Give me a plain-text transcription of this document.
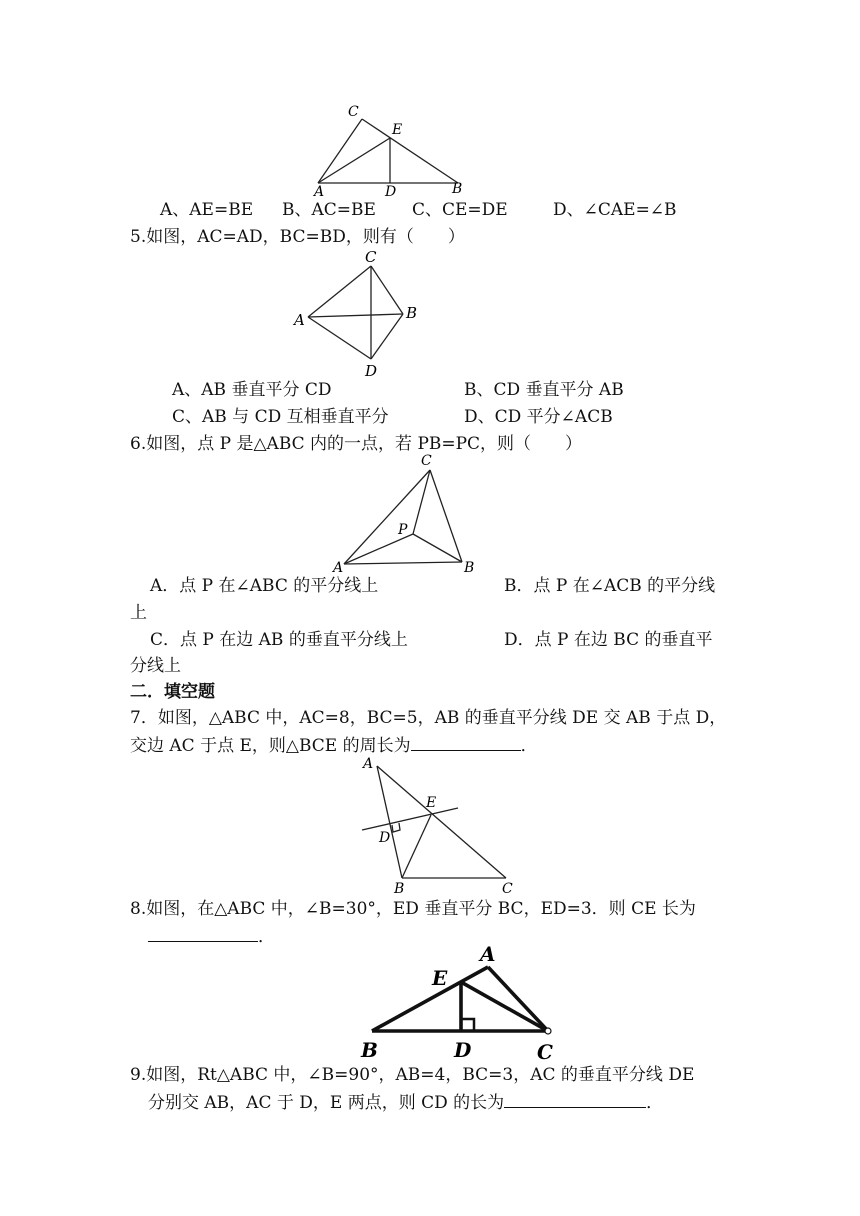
C
E
A	D	B
A、AE=BE B、AC=BE C、CE=DE	D、∠CAE=∠B
5.如图，AC=AD，BC=BD，则有（　　）
C
A	B
D
A、AB 垂直平分 CD	B、CD 垂直平分 AB
C、AB 与 CD 互相垂直平分	D、CD 平分∠ACB
6.如图，点 P 是△ABC 内的一点，若 PB=PC，则（　　）
C
P
A	B
A．点 P 在∠ABC 的平分线上	B．点 P 在∠ACB 的平分线
上
C．点 P 在边 AB 的垂直平分线上	D．点 P 在边 BC 的垂直平
分线上
二．填空题
7．如图，△ABC 中，AC=8，BC=5，AB 的垂直平分线 DE 交 AB 于点 D，
交边 AC 于点 E，则△BCE 的周长为	．
A
E
D
B	C
8.如图，在△ABC 中，∠B=30°，ED 垂直平分 BC，ED=3．则 CE 长为
．
A
E
B	D	C
9.如图，Rt△ABC 中，∠B=90°，AB=4，BC=3，AC 的垂直平分线 DE
分别交 AB，AC 于 D，E 两点，则 CD 的长为	．
